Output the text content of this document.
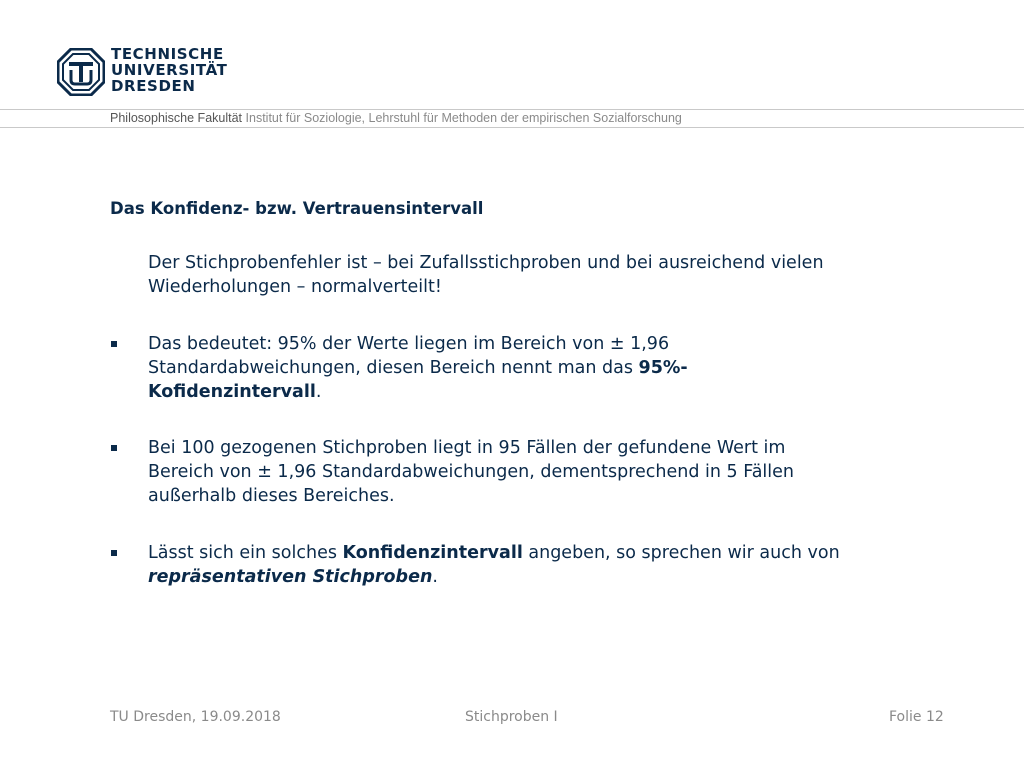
TECHNISCHE
UNIVERSITÄT
DRESDEN
Philosophische Fakultät Institut für Soziologie, Lehrstuhl für Methoden der empirischen Sozialforschung
Das Konfidenz- bzw. Vertrauensintervall

Der Stichprobenfehler ist – bei Zufallsstichproben und bei ausreichend vielen
Wiederholungen – normalverteilt!

Das bedeutet: 95% der Werte liegen im Bereich von ± 1,96
Standardabweichungen, diesen Bereich nennt man das 95%-
Kofidenzintervall.

Bei 100 gezogenen Stichproben liegt in 95 Fällen der gefundene Wert im
Bereich von ± 1,96 Standardabweichungen, dementsprechend in 5 Fällen
außerhalb dieses Bereiches.

Lässt sich ein solches Konfidenzintervall angeben, so sprechen wir auch von
repräsentativen Stichproben.

TU Dresden, 19.09.2018	Stichproben I	Folie 12
